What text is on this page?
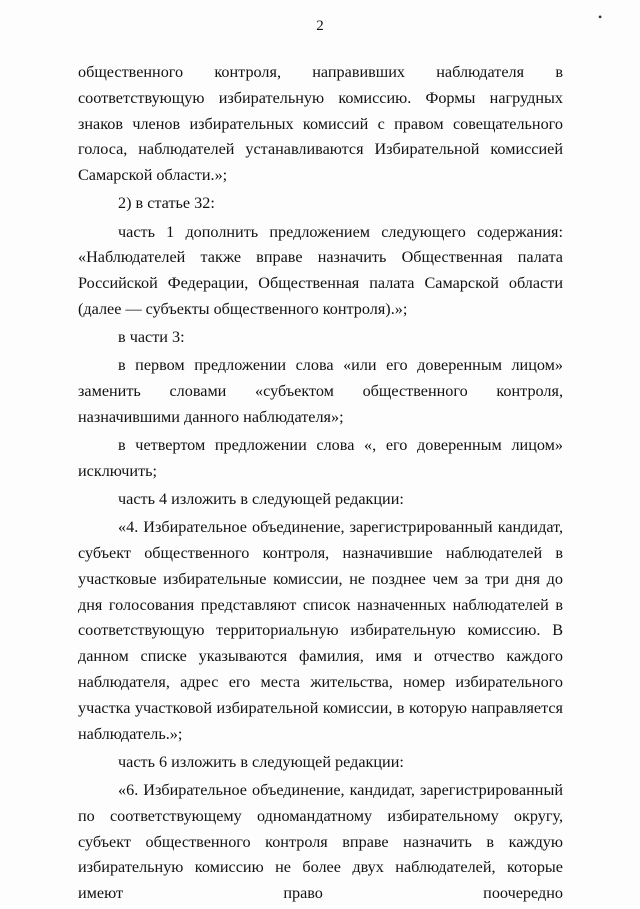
2
•

общественного контроля, направивших наблюдателя в соответствующую избирательную комиссию. Формы нагрудных знаков членов избирательных комиссий с правом совещательного голоса, наблюдателей устанавливаются Избирательной комиссией Самарской области.»;

2) в статье 32:

часть 1 дополнить предложением следующего содержания: «Наблюдателей также вправе назначить Общественная палата Российской Федерации, Общественная палата Самарской области (далее — субъекты общественного контроля).»;

в части 3:

в первом предложении слова «или его доверенным лицом» заменить словами «субъектом общественного контроля, назначившими данного наблюдателя»;

в четвертом предложении слова «, его доверенным лицом» исключить;

часть 4 изложить в следующей редакции:

«4. Избирательное объединение, зарегистрированный кандидат, субъект общественного контроля, назначившие наблюдателей в участковые избирательные комиссии, не позднее чем за три дня до дня голосования представляют список назначенных наблюдателей в соответствующую территориальную избирательную комиссию. В данном списке указываются фамилия, имя и отчество каждого наблюдателя, адрес его места жительства, номер избирательного участка участковой избирательной комиссии, в которую направляется наблюдатель.»;

часть 6 изложить в следующей редакции:

«6. Избирательное объединение, кандидат, зарегистрированный по соответствующему одномандатному избирательному округу, субъект общественного контроля вправе назначить в каждую избирательную комиссию не более двух наблюдателей, которые имеют право поочередно
